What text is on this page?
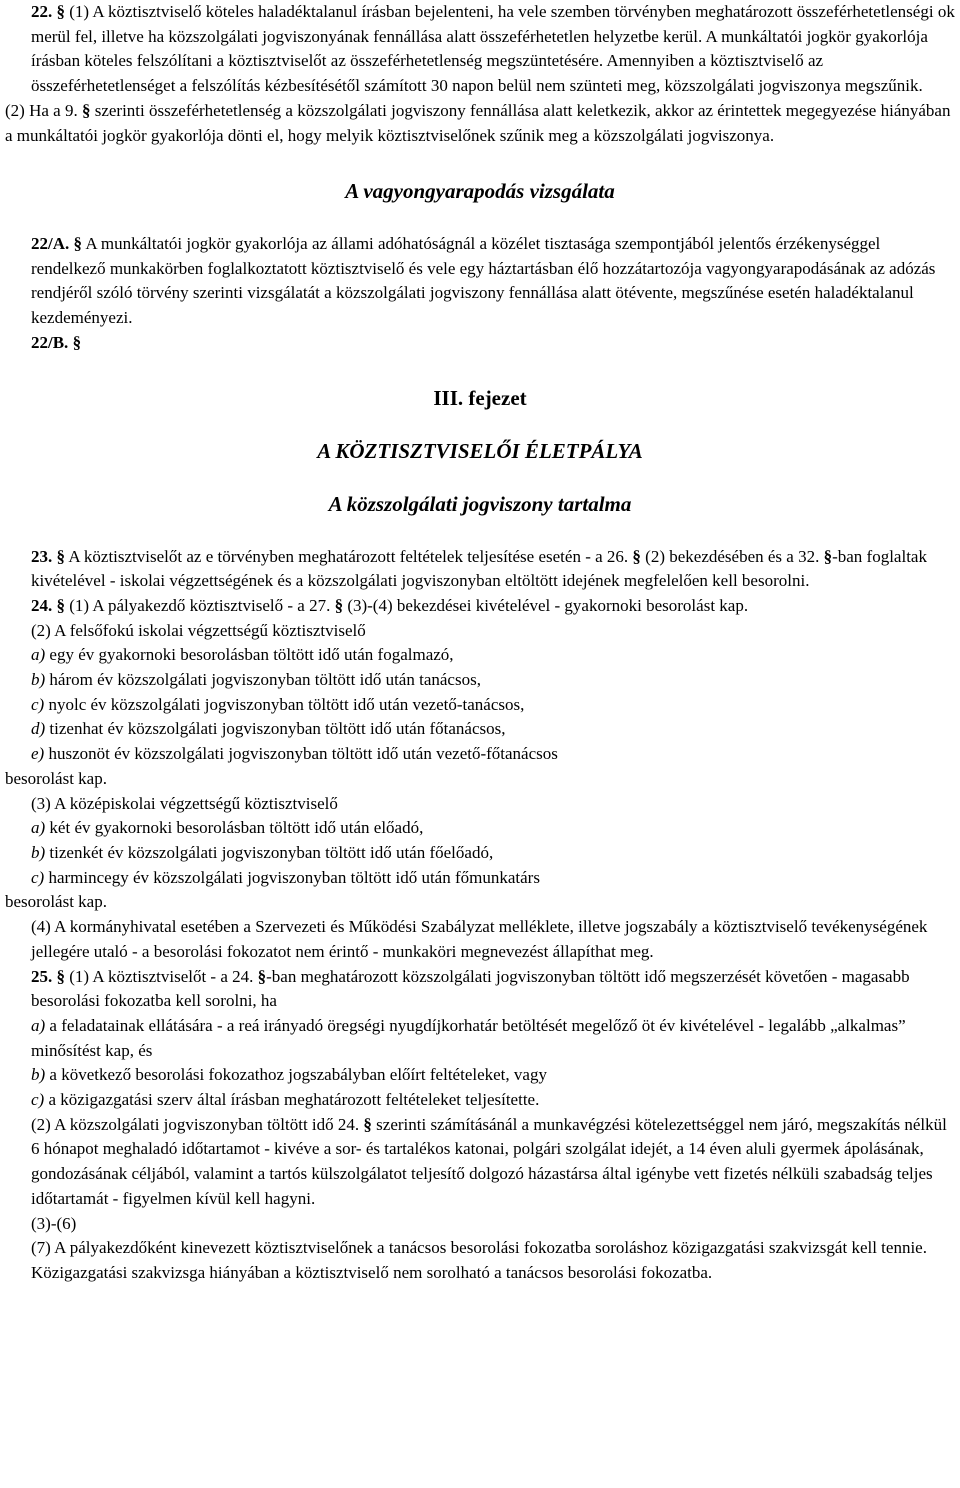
22. § (1) A köztisztviselő köteles haladéktalanul írásban bejelenteni, ha vele szemben törvényben meghatározott összeférhetetlenségi ok merül fel, illetve ha közszolgálati jogviszonyának fennállása alatt összeférhetetlen helyzetbe kerül. A munkáltatói jogkör gyakorlója írásban köteles felszólítani a köztisztviselőt az összeférhetetlenség megszüntetésére. Amennyiben a köztisztviselő az összeférhetetlenséget a felszólítás kézbesítésétől számított 30 napon belül nem szünteti meg, közszolgálati jogviszonya megszűnik.

(2) Ha a 9. § szerinti összeférhetetlenség a közszolgálati jogviszony fennállása alatt keletkezik, akkor az érintettek megegyezése hiányában a munkáltatói jogkör gyakorlója dönti el, hogy melyik köztisztviselőnek szűnik meg a közszolgálati jogviszonya.

A vagyongyarapodás vizsgálata

22/A. § A munkáltatói jogkör gyakorlója az állami adóhatóságnál a közélet tisztasága szempontjából jelentős érzékenységgel rendelkező munkakörben foglalkoztatott köztisztviselő és vele egy háztartásban élő hozzátartozója vagyongyarapodásának az adózás rendjéről szóló törvény szerinti vizsgálatát a közszolgálati jogviszony fennállása alatt ötévente, megszűnése esetén haladéktalanul kezdeményezi.

22/B. §

III. fejezet

A KÖZTISZTVISELŐI ÉLETPÁLYA

A közszolgálati jogviszony tartalma

23. § A köztisztviselőt az e törvényben meghatározott feltételek teljesítése esetén - a 26. § (2) bekezdésében és a 32. §-ban foglaltak kivételével - iskolai végzettségének és a közszolgálati jogviszonyban eltöltött idejének megfelelően kell besorolni.

24. § (1) A pályakezdő köztisztviselő - a 27. § (3)-(4) bekezdései kivételével - gyakornoki besorolást kap.

(2) A felsőfokú iskolai végzettségű köztisztviselő

a) egy év gyakornoki besorolásban töltött idő után fogalmazó,

b) három év közszolgálati jogviszonyban töltött idő után tanácsos,

c) nyolc év közszolgálati jogviszonyban töltött idő után vezető-tanácsos,

d) tizenhat év közszolgálati jogviszonyban töltött idő után főtanácsos,

e) huszonöt év közszolgálati jogviszonyban töltött idő után vezető-főtanácsos

besorolást kap.

(3) A középiskolai végzettségű köztisztviselő

a) két év gyakornoki besorolásban töltött idő után előadó,

b) tizenkét év közszolgálati jogviszonyban töltött idő után főelőadó,

c) harmincegy év közszolgálati jogviszonyban töltött idő után főmunkatárs

besorolást kap.

(4) A kormányhivatal esetében a Szervezeti és Működési Szabályzat melléklete, illetve jogszabály a köztisztviselő tevékenységének jellegére utaló - a besorolási fokozatot nem érintő - munkaköri megnevezést állapíthat meg.

25. § (1) A köztisztviselőt - a 24. §-ban meghatározott közszolgálati jogviszonyban töltött idő megszerzését követően - magasabb besorolási fokozatba kell sorolni, ha

a) a feladatainak ellátására - a reá irányadó öregségi nyugdíjkorhatár betöltését megelőző öt év kivételével - legalább „alkalmas” minősítést kap, és

b) a következő besorolási fokozathoz jogszabályban előírt feltételeket, vagy

c) a közigazgatási szerv által írásban meghatározott feltételeket teljesítette.

(2) A közszolgálati jogviszonyban töltött idő 24. § szerinti számításánál a munkavégzési kötelezettséggel nem járó, megszakítás nélkül 6 hónapot meghaladó időtartamot - kivéve a sor- és tartalékos katonai, polgári szolgálat idejét, a 14 éven aluli gyermek ápolásának, gondozásának céljából, valamint a tartós külszolgálatot teljesítő dolgozó házastársa által igénybe vett fizetés nélküli szabadság teljes időtartamát - figyelmen kívül kell hagyni.

(3)-(6)

(7) A pályakezdőként kinevezett köztisztviselőnek a tanácsos besorolási fokozatba soroláshoz közigazgatási szakvizsgát kell tennie. Közigazgatási szakvizsga hiányában a köztisztviselő nem sorolható a tanácsos besorolási fokozatba.
